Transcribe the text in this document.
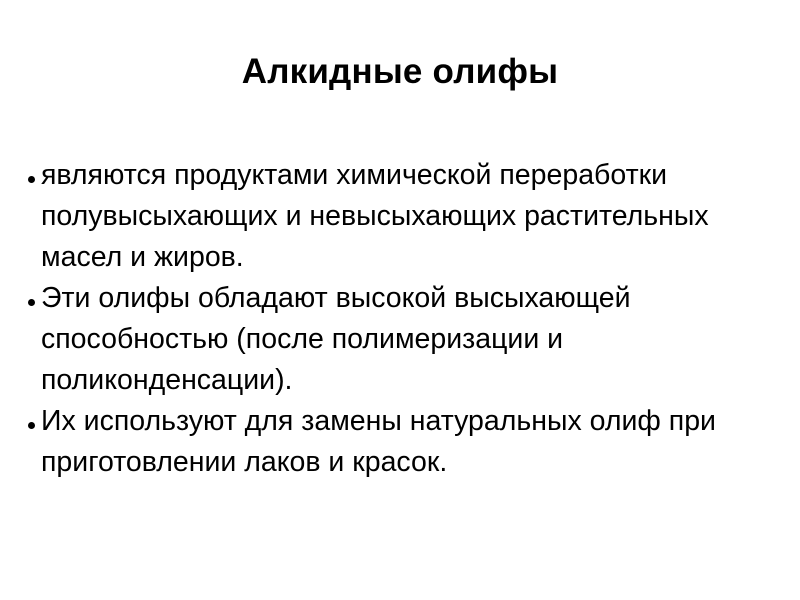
Алкидные олифы
являются продуктами химической переработки полувысыхающих и невысыхающих растительных масел и жиров.
Эти олифы обладают высокой высыхающей способностью (после полимеризации и поликонденсации).
Их используют для замены натуральных олиф при приготовлении лаков и красок.
